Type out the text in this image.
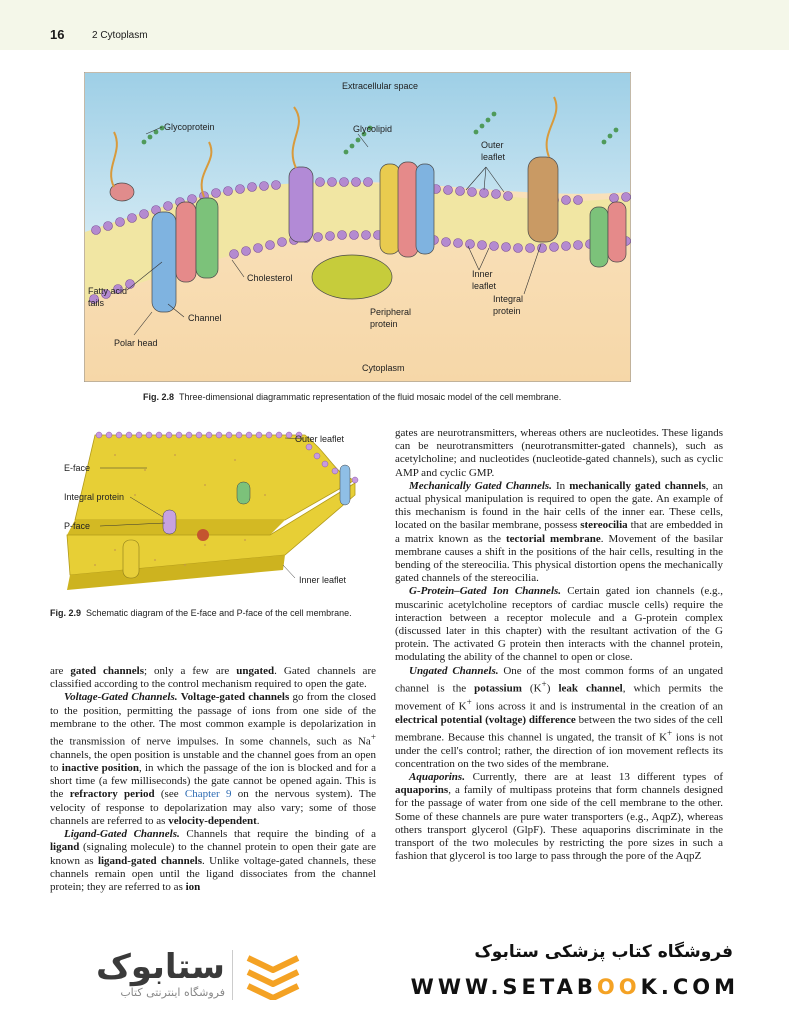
16	2 Cytoplasm
Extracellular space
Glycoprotein	Glycolipid
Outer leaflet
Fatty acid tails
Cholesterol	Inner leaflet
Integral protein
Channel
Peripheral protein
Polar head
Cytoplasm
Fig. 2.8 Three-dimensional diagrammatic representation of the fluid mosaic model of the cell membrane.
Outer leaflet
E-face
Integral protein
P-face
Inner leaflet
Fig. 2.9 Schematic diagram of the E-face and P-face of the cell membrane.

are gated channels; only a few are ungated. Gated channels are classified according to the control mechanism required to open the gate.

Voltage-Gated Channels. Voltage-gated channels go from the closed to the position, permitting the passage of ions from one side of the membrane to the other. The most common example is depolarization in the transmission of nerve impulses. In some channels, such as Na+ channels, the open position is unstable and the channel goes from an open to inactive position, in which the passage of the ion is blocked and for a short time (a few milliseconds) the gate cannot be opened again. This is the refractory period (see Chapter 9 on the nervous system). The velocity of response to depolarization may also vary; some of those channels are referred to as velocity-dependent.

Ligand-Gated Channels. Channels that require the binding of a ligand (signaling molecule) to the channel protein to open their gate are known as ligand-gated channels. Unlike voltage-gated channels, these channels remain open until the ligand dissociates from the channel protein; they are referred to as ion

gates are neurotransmitters, whereas others are nucleotides. These ligands can be neurotransmitters (neurotransmitter-gated channels), such as acetylcholine; and nucleotides (nucleotide-gated channels), such as cyclic AMP and cyclic GMP.

Mechanically Gated Channels. In mechanically gated channels, an actual physical manipulation is required to open the gate. An example of this mechanism is found in the hair cells of the inner ear. These cells, located on the basilar membrane, possess stereocilia that are embedded in a matrix known as the tectorial membrane. Movement of the basilar membrane causes a shift in the positions of the hair cells, resulting in the bending of the stereocilia. This physical distortion opens the mechanically gated channels of the stereocilia.

G-Protein–Gated Ion Channels. Certain gated ion channels (e.g., muscarinic acetylcholine receptors of cardiac muscle cells) require the interaction between a receptor molecule and a G-protein complex (discussed later in this chapter) with the resultant activation of the G protein. The activated G protein then interacts with the channel protein, modulating the ability of the channel to open or close.

Ungated Channels. One of the most common forms of an ungated channel is the potassium (K+) leak channel, which permits the movement of K+ ions across it and is instrumental in the creation of an electrical potential (voltage) difference between the two sides of the cell membrane. Because this channel is ungated, the transit of K+ ions is not under the cell's control; rather, the direction of ion movement reflects its concentration on the two sides of the membrane.

Aquaporins. Currently, there are at least 13 different types of aquaporins, a family of multipass proteins that form channels designed for the passage of water from one side of the cell membrane to the other. Some of these channels are pure water transporters (e.g., AqpZ), whereas others transport glycerol (GlpF). These aquaporins discriminate in the transport of the two molecules by restricting the pore sizes in such a fashion that glycerol is too large to pass through the pore of the AqpZ

ستابوک
فروشگاه اینترنتی کتاب
فروشگاه کتاب پزشکی ستابوک
WWW.SETABOOK.COM
